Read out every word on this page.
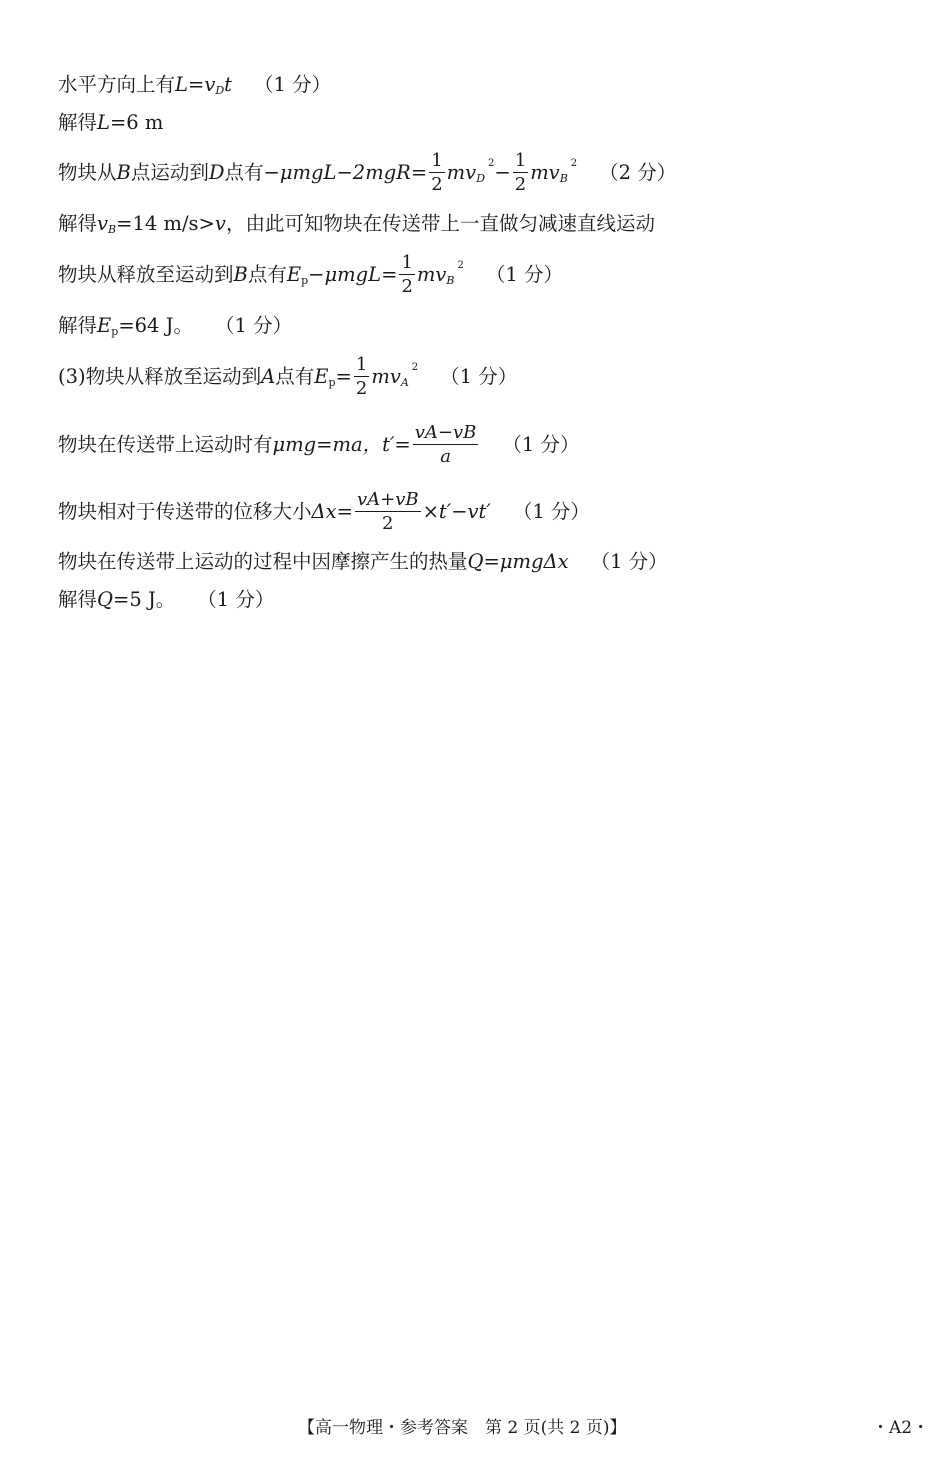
水平方向上有 L = v D t （1 分）
解得 L =6 m
物块从 B 点运动到 D 点有 $-\mu mgL-2mgR= \frac{1}{2}$ mv D
$2 - \frac{1}{2}$ mv B
2 （2 分）
解得 v B =14 m/s> v ，由此可知物块在传送带上一直做匀减速直线运动
物块从释放至运动到 B 点有 E $p -\mu mgL= \frac{1}{2}$ mv B
2 （1 分）
解得 E p =64 J。 （1 分）
(3)物块从释放至运动到 A 点有 E $p = \frac{1}{2}$ mv A
2 （1 分）
物块在传送带上运动时有 μmg=ma，$t'= \frac{vA-vB}{a} (1$ 分）
物块相对于传送带的位移大小 $\Delta x= \frac{vA+vB}{2} \times t'-vt'$ （1 分）
物块在传送带上运动的过程中因摩擦产生的热量 Q=μmgΔx （1 分）
解得 Q =5 J。 （1 分）
【高一物理・参考答案　第 2 页(共 2 页)】	・A2・
